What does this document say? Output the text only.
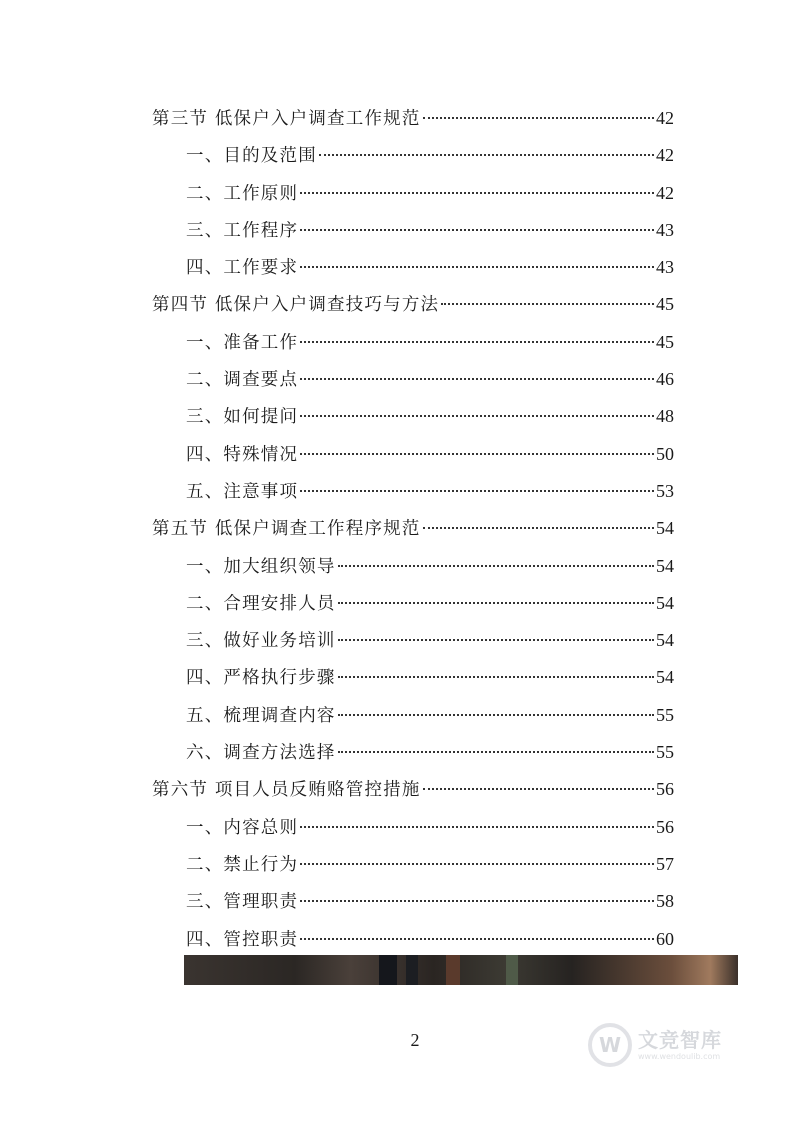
第三节 低保户入户调查工作规范	42
一、目的及范围	42
二、工作原则	42
三、工作程序	43
四、工作要求	43
第四节 低保户入户调查技巧与方法	45
一、准备工作	45
二、调查要点	46
三、如何提问	48
四、特殊情况	50
五、注意事项	53
第五节 低保户调查工作程序规范	54
一、加大组织领导	54
二、合理安排人员	54
三、做好业务培训	54
四、严格执行步骤	54
五、梳理调查内容	55
六、调查方法选择	55
第六节 项目人员反贿赂管控措施	56
一、内容总则	56
二、禁止行为	57
三、管理职责	58
四、管控职责	60
2	W 文竞智库
www.wendoulib.com
